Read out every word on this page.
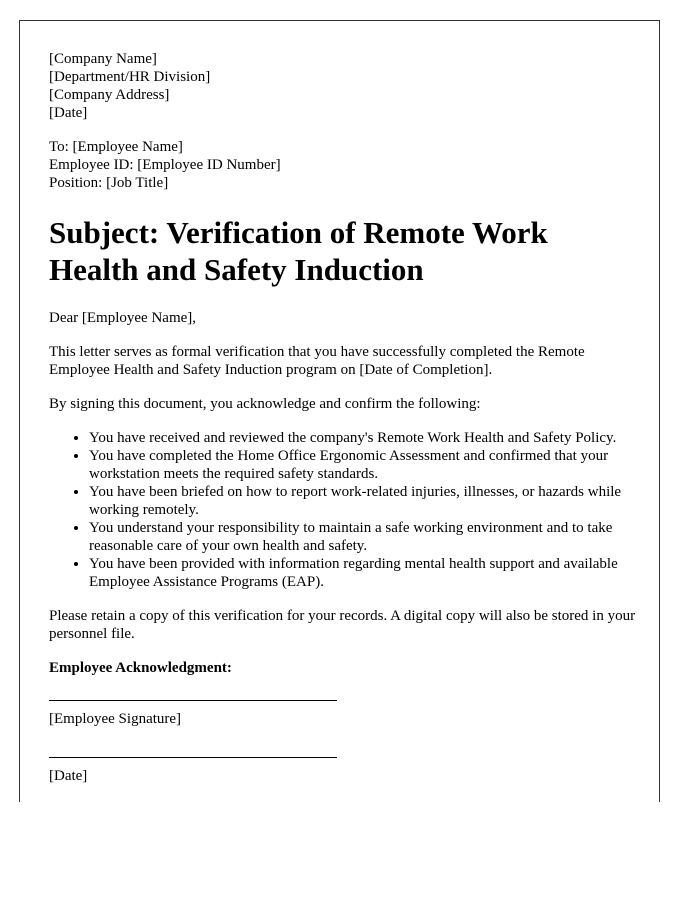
[Company Name]
[Department/HR Division]
[Company Address]
[Date]
To: [Employee Name]
Employee ID: [Employee ID Number]
Position: [Job Title]
Subject: Verification of Remote Work Health and Safety Induction

Dear [Employee Name],

This letter serves as formal verification that you have successfully completed the Remote Employee Health and Safety Induction program on [Date of Completion].

By signing this document, you acknowledge and confirm the following:

• You have received and reviewed the company's Remote Work Health and Safety Policy.
• You have completed the Home Office Ergonomic Assessment and confirmed that your workstation meets the required safety standards.
• You have been briefed on how to report work-related injuries, illnesses, or hazards while working remotely.
• You understand your responsibility to maintain a safe working environment and to take reasonable care of your own health and safety.
• You have been provided with information regarding mental health support and available Employee Assistance Programs (EAP).

Please retain a copy of this verification for your records. A digital copy will also be stored in your personnel file.

Employee Acknowledgment:
[Employee Signature]
[Date]
